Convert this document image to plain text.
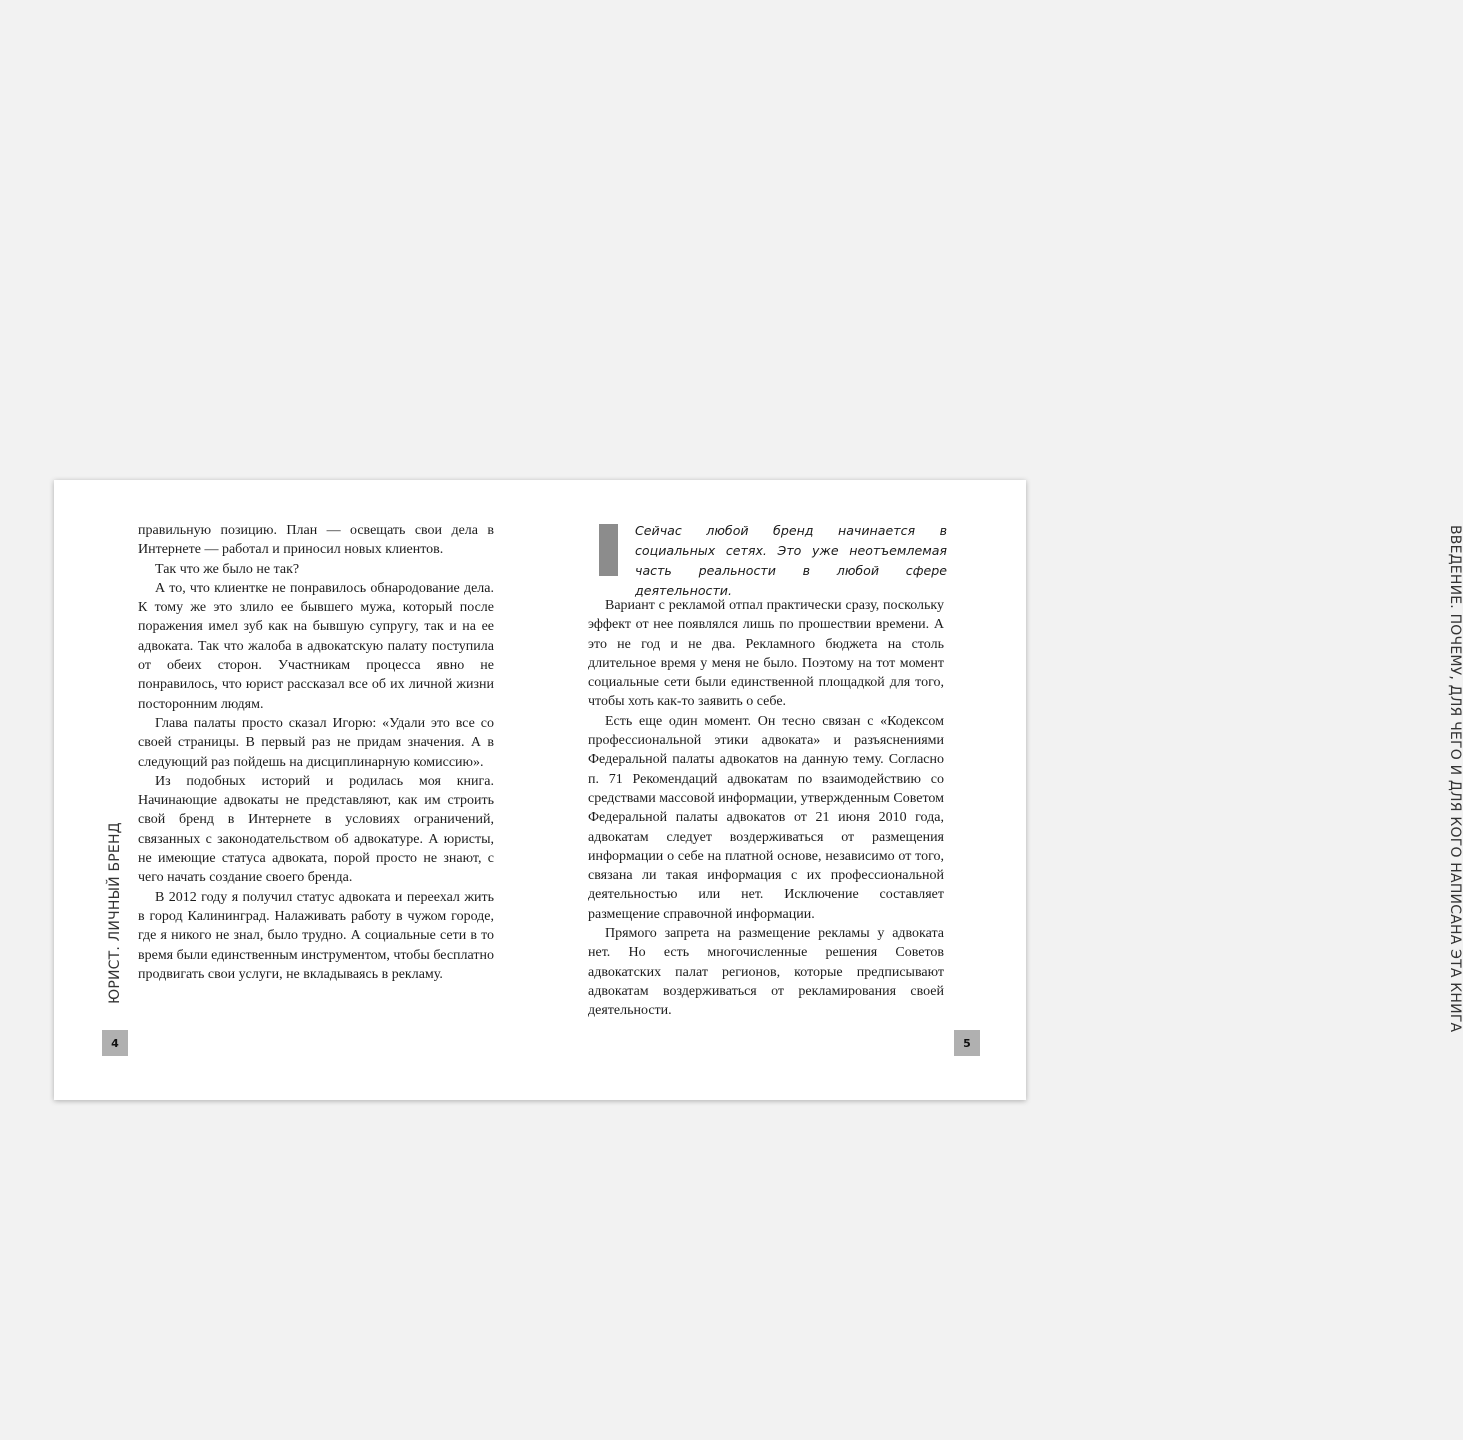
ЮРИСТ. ЛИЧНЫЙ БРЕНД

правильную позицию. План — освещать свои дела в Интернете — работал и приносил новых клиентов.

Так что же было не так?

А то, что клиентке не понравилось обнародование дела. К тому же это злило ее бывшего мужа, который после поражения имел зуб как на бывшую супругу, так и на ее адвоката. Так что жалоба в адвокатскую палату поступила от обеих сторон. Участникам процесса явно не понравилось, что юрист рассказал все об их личной жизни посторонним людям.

Глава палаты просто сказал Игорю: «Удали это все со своей страницы. В первый раз не придам значения. А в следующий раз пойдешь на дисциплинарную комиссию».

Из подобных историй и родилась моя книга. Начинающие адвокаты не представляют, как им строить свой бренд в Интернете в условиях ограничений, связанных с законодательством об адвокатуре. А юристы, не имеющие статуса адвоката, порой просто не знают, с чего начать создание своего бренда.

В 2012 году я получил статус адвоката и переехал жить в город Калининград. Налаживать работу в чужом городе, где я никого не знал, было трудно. А социальные сети в то время были единственным инструментом, чтобы бесплатно продвигать свои услуги, не вкладываясь в рекламу.

4
Сейчас любой бренд начинается в социальных сетях. Это уже неотъемлемая часть реальности в любой сфере деятельности.

Вариант с рекламой отпал практически сразу, поскольку эффект от нее появлялся лишь по прошествии времени. А это не год и не два. Рекламного бюджета на столь длительное время у меня не было. Поэтому на тот момент социальные сети были единственной площадкой для того, чтобы хоть как-то заявить о себе.

Есть еще один момент. Он тесно связан с «Кодексом профессиональной этики адвоката» и разъяснениями Федеральной палаты адвокатов на данную тему. Согласно п. 71 Рекомендаций адвокатам по взаимодействию со средствами массовой информации, утвержденным Советом Федеральной палаты адвокатов от 21 июня 2010 года, адвокатам следует воздерживаться от размещения информации о себе на платной основе, независимо от того, связана ли такая информация с их профессиональной деятельностью или нет. Исключение составляет размещение справочной информации.

Прямого запрета на размещение рекламы у адвоката нет. Но есть многочисленные решения Советов адвокатских палат регионов, которые предписывают адвокатам воздерживаться от рекламирования своей деятельности.	ВВЕДЕНИЕ. ПОЧЕМУ, ДЛЯ ЧЕГО И ДЛЯ КОГО НАПИСАНА ЭТА КНИГА
5
